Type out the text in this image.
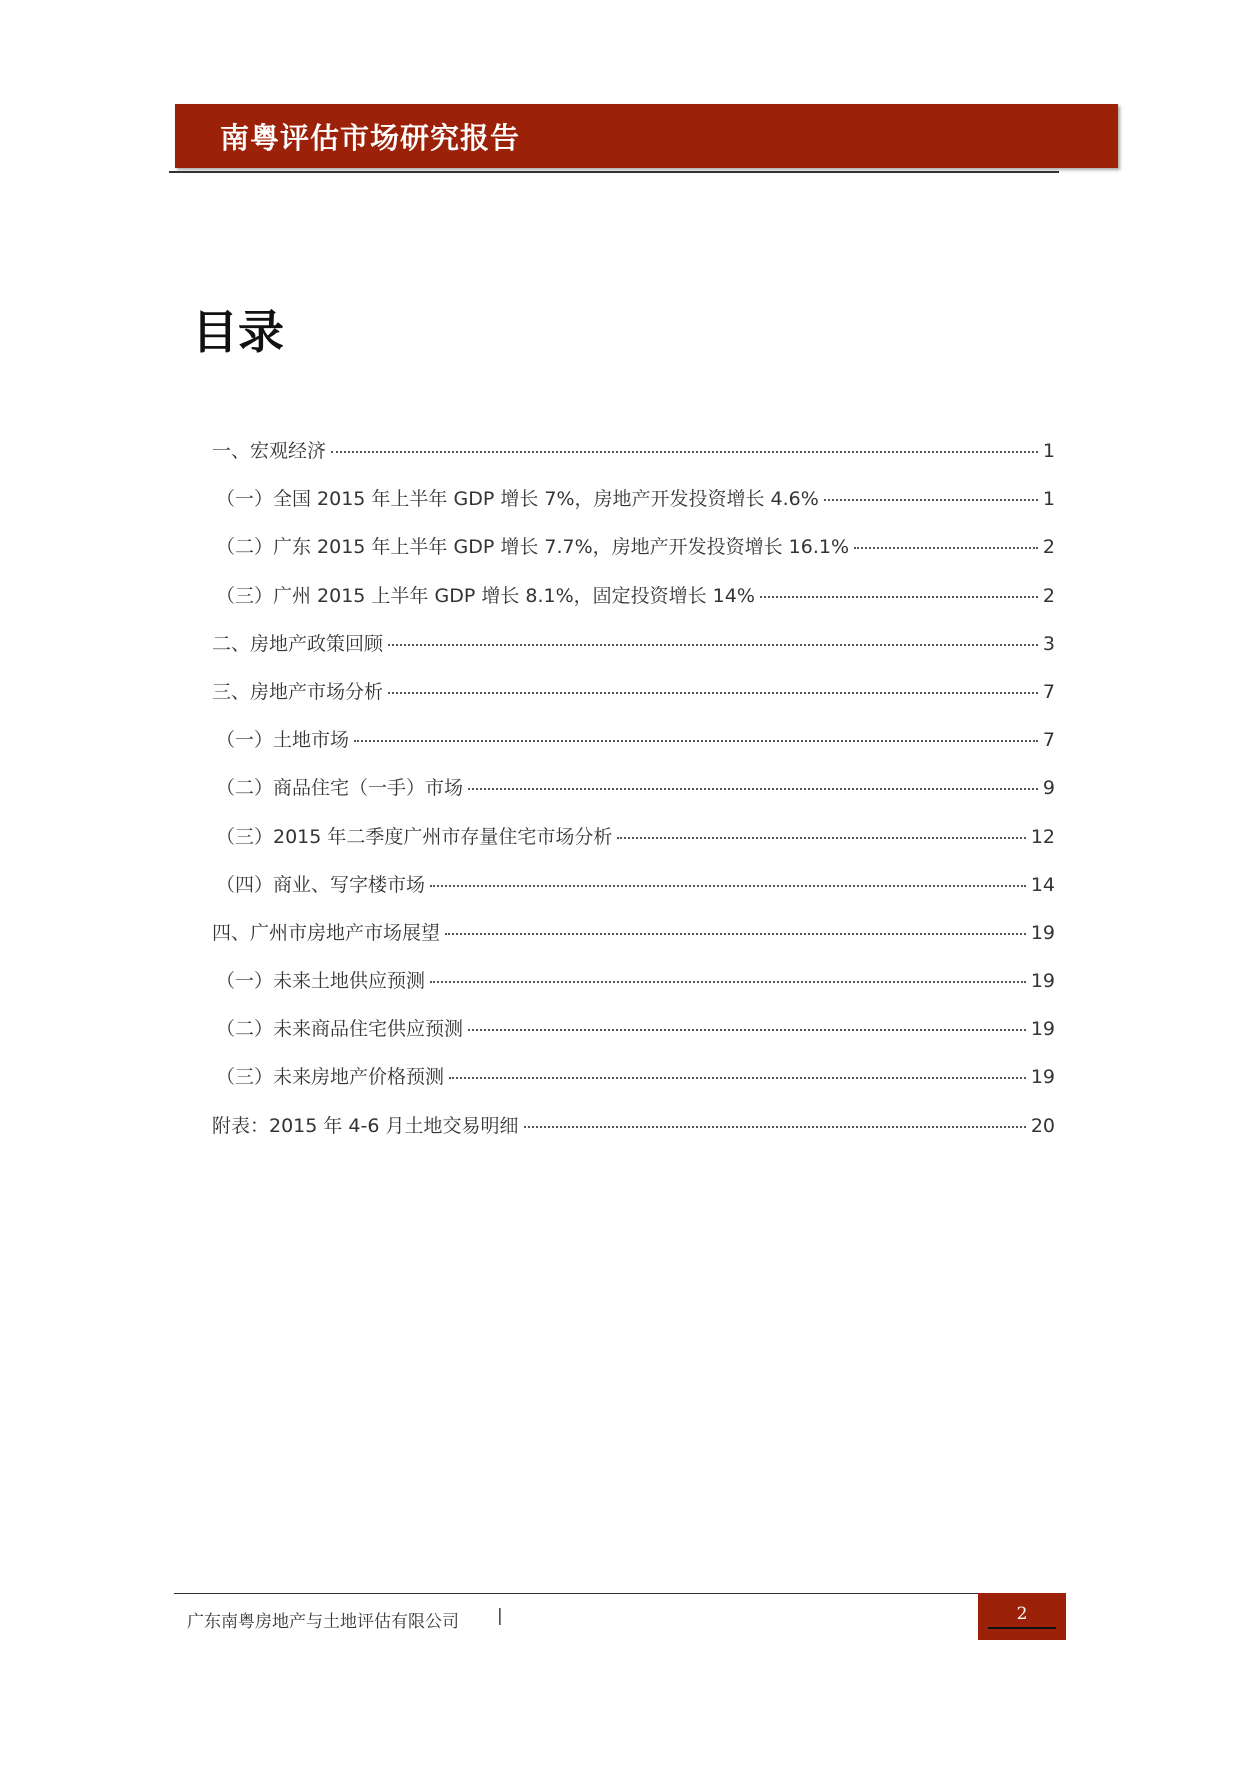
南粤评估市场研究报告
目录
一、宏观经济	1
（一）全国 2015 年上半年 GDP 增长 7%，房地产开发投资增长 4.6%	1
（二）广东 2015 年上半年 GDP 增长 7.7%，房地产开发投资增长 16.1%	2
（三）广州 2015 上半年 GDP 增长 8.1%，固定投资增长 14%	2
二、房地产政策回顾	3
三、房地产市场分析	7
（一）土地市场	7
（二）商品住宅（一手）市场	9
（三）2015 年二季度广州市存量住宅市场分析	12
（四）商业、写字楼市场	14
四、广州市房地产市场展望	19
（一）未来土地供应预测	19
（二）未来商品住宅供应预测	19
（三）未来房地产价格预测	19
附表：2015 年 4-6 月土地交易明细	20
广东南粤房地产与土地评估有限公司 |	2
